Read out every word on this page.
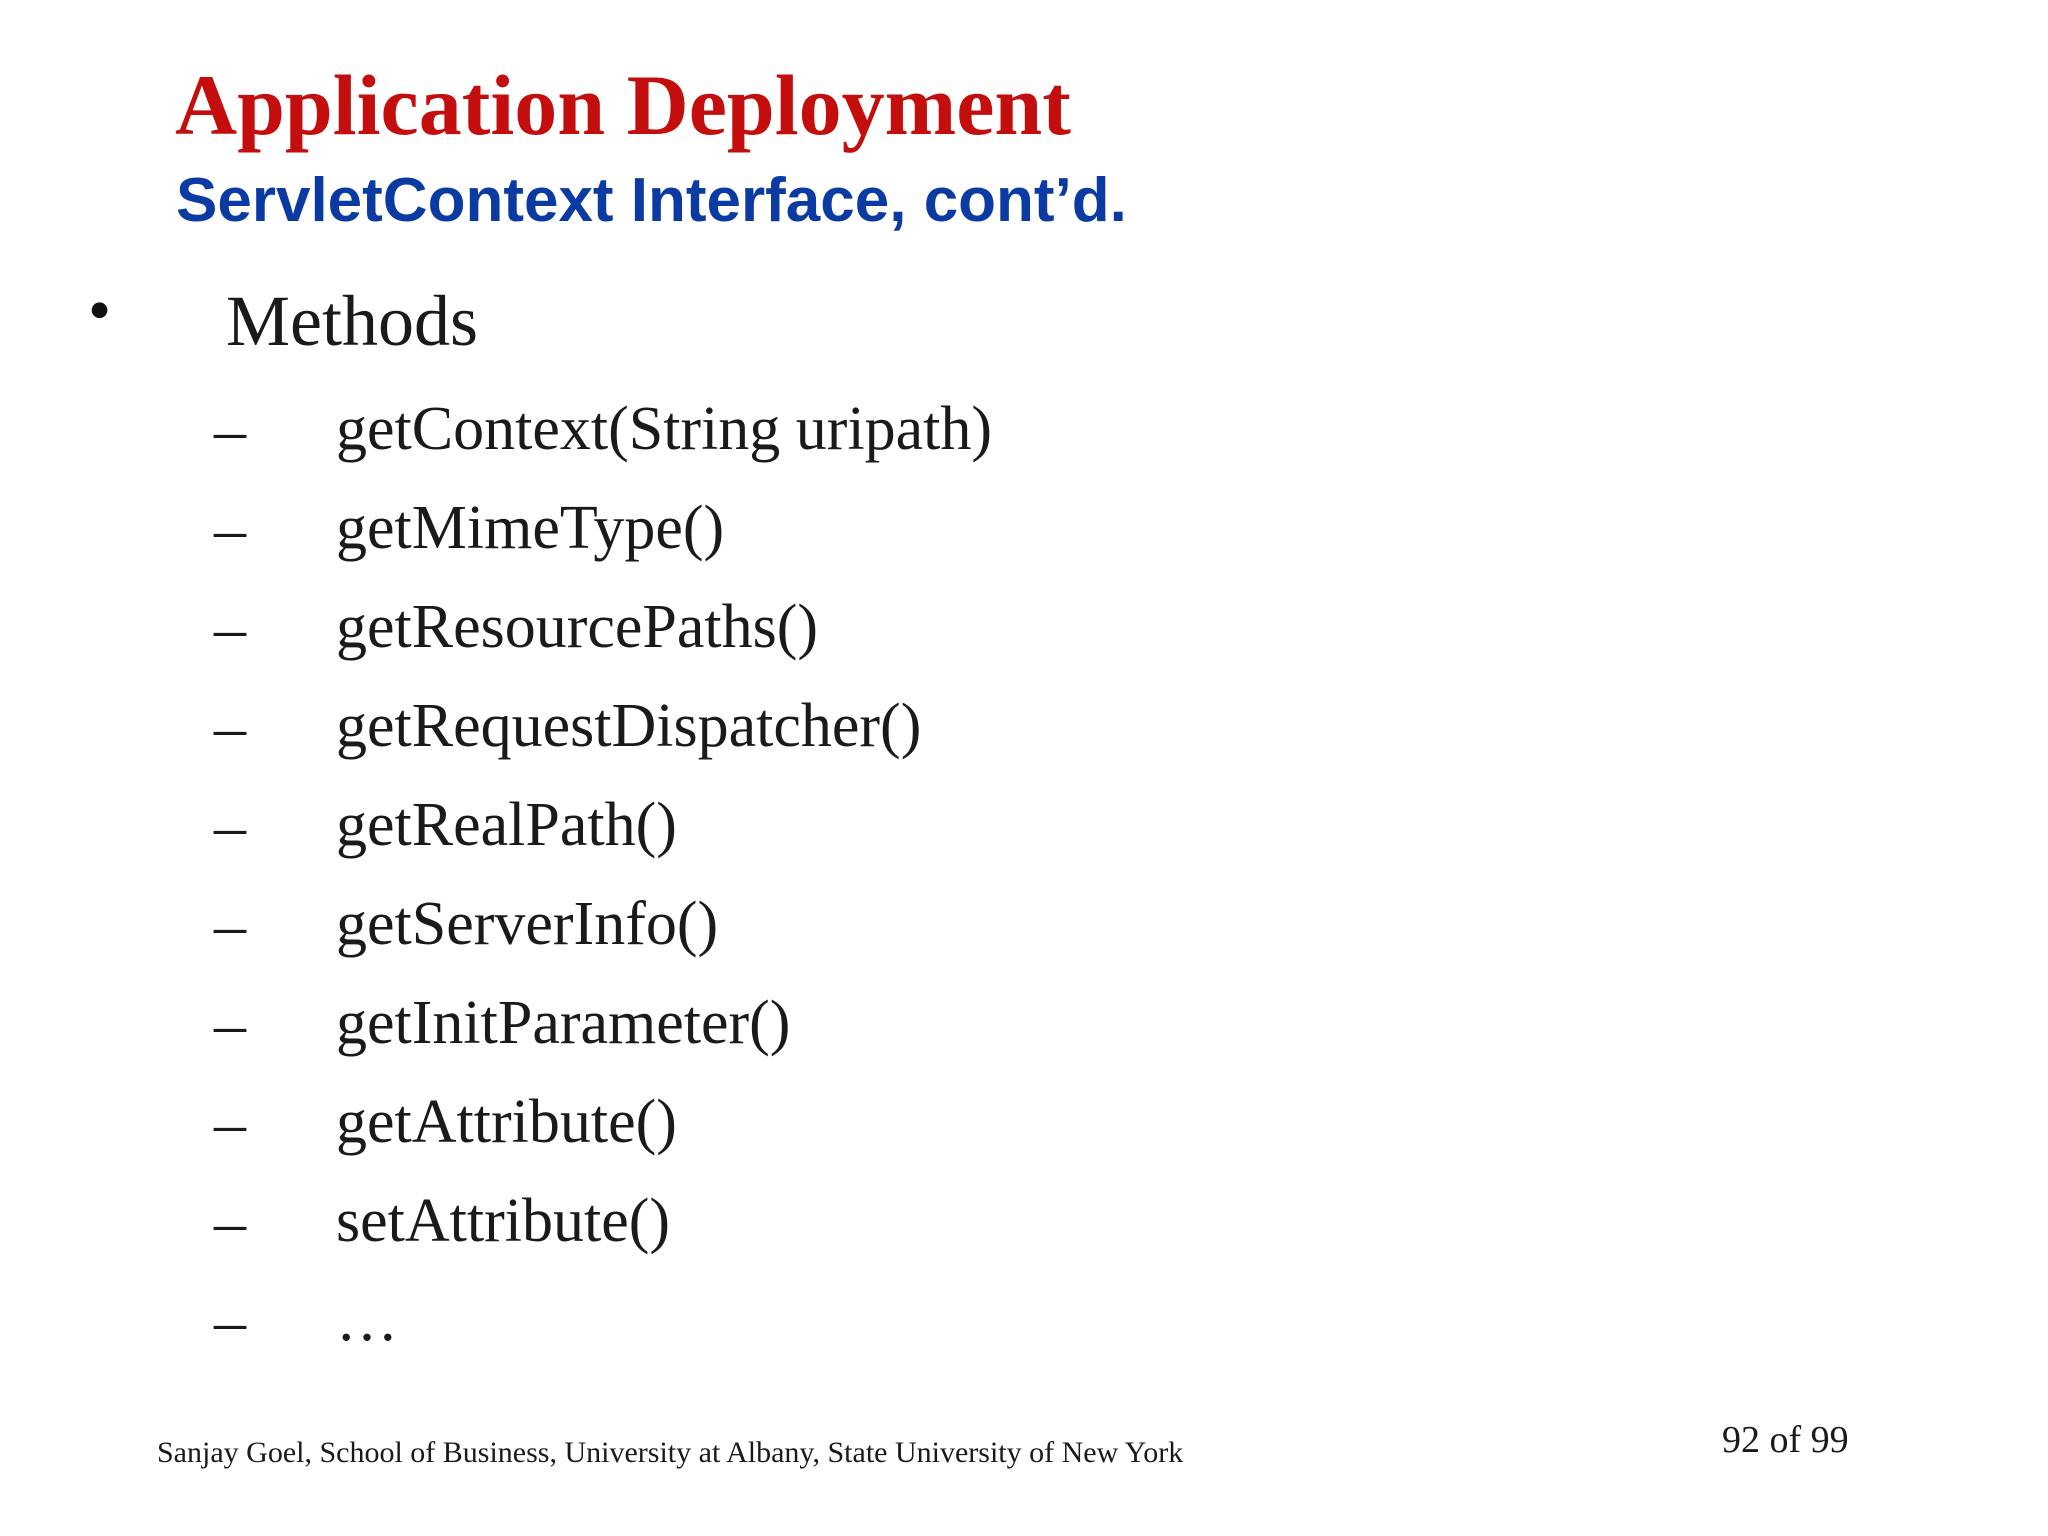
Application Deployment
ServletContext Interface, cont’d.
• Methods
– getContext(String uripath)
– getMimeType()
– getResourcePaths()
– getRequestDispatcher()
– getRealPath()
– getServerInfo()
– getInitParameter()
– getAttribute()
– setAttribute()
– …
Sanjay Goel, School of Business, University at Albany, State University of New York	92 of 99
